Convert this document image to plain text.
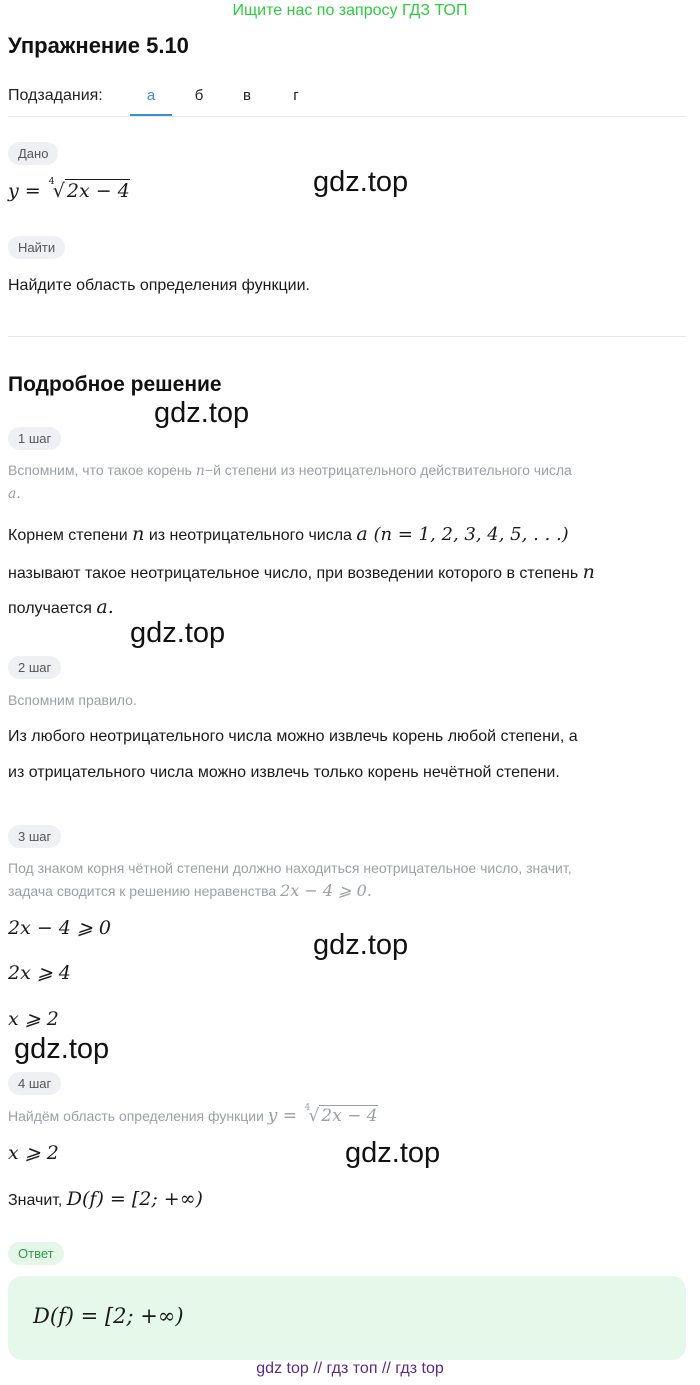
Ищите нас по запросу ГДЗ ТОП
Упражнение 5.10
Подзадания:	а	б	в	г
Дано
y = 4
√ 2x − 4	gdz.top
Найти
Найдите область определения функции.
Подробное решение
gdz.top
1 шаг
Вспомним, что такое корень n−й степени из неотрицательного действительного числа
a.
Корнем степени n из неотрицательного числа a (n = 1, 2, 3, 4, 5, . . .)
называют такое неотрицательное число, при возведении которого в степень n
получается a.
gdz.top
2 шаг
Вспомним правило.
Из любого неотрицательного числа можно извлечь корень любой степени, а
из отрицательного числа можно извлечь только корень нечётной степени.
3 шаг
Под знаком корня чётной степени должно находиться неотрицательное число, значит,
задача сводится к решению неравенства 2x − 4 ⩾ 0.
2x − 4 ⩾ 0
gdz.top
2x ⩾ 4
x ⩾ 2
gdz.top
4 шаг
Найдём область определения функции y = 4
√ 2x − 4
x ⩾ 2	gdz.top
Значит, D(f) = [2; +∞)
Ответ
D(f) = [2; +∞)
gdz top // гдз топ // гдз top
